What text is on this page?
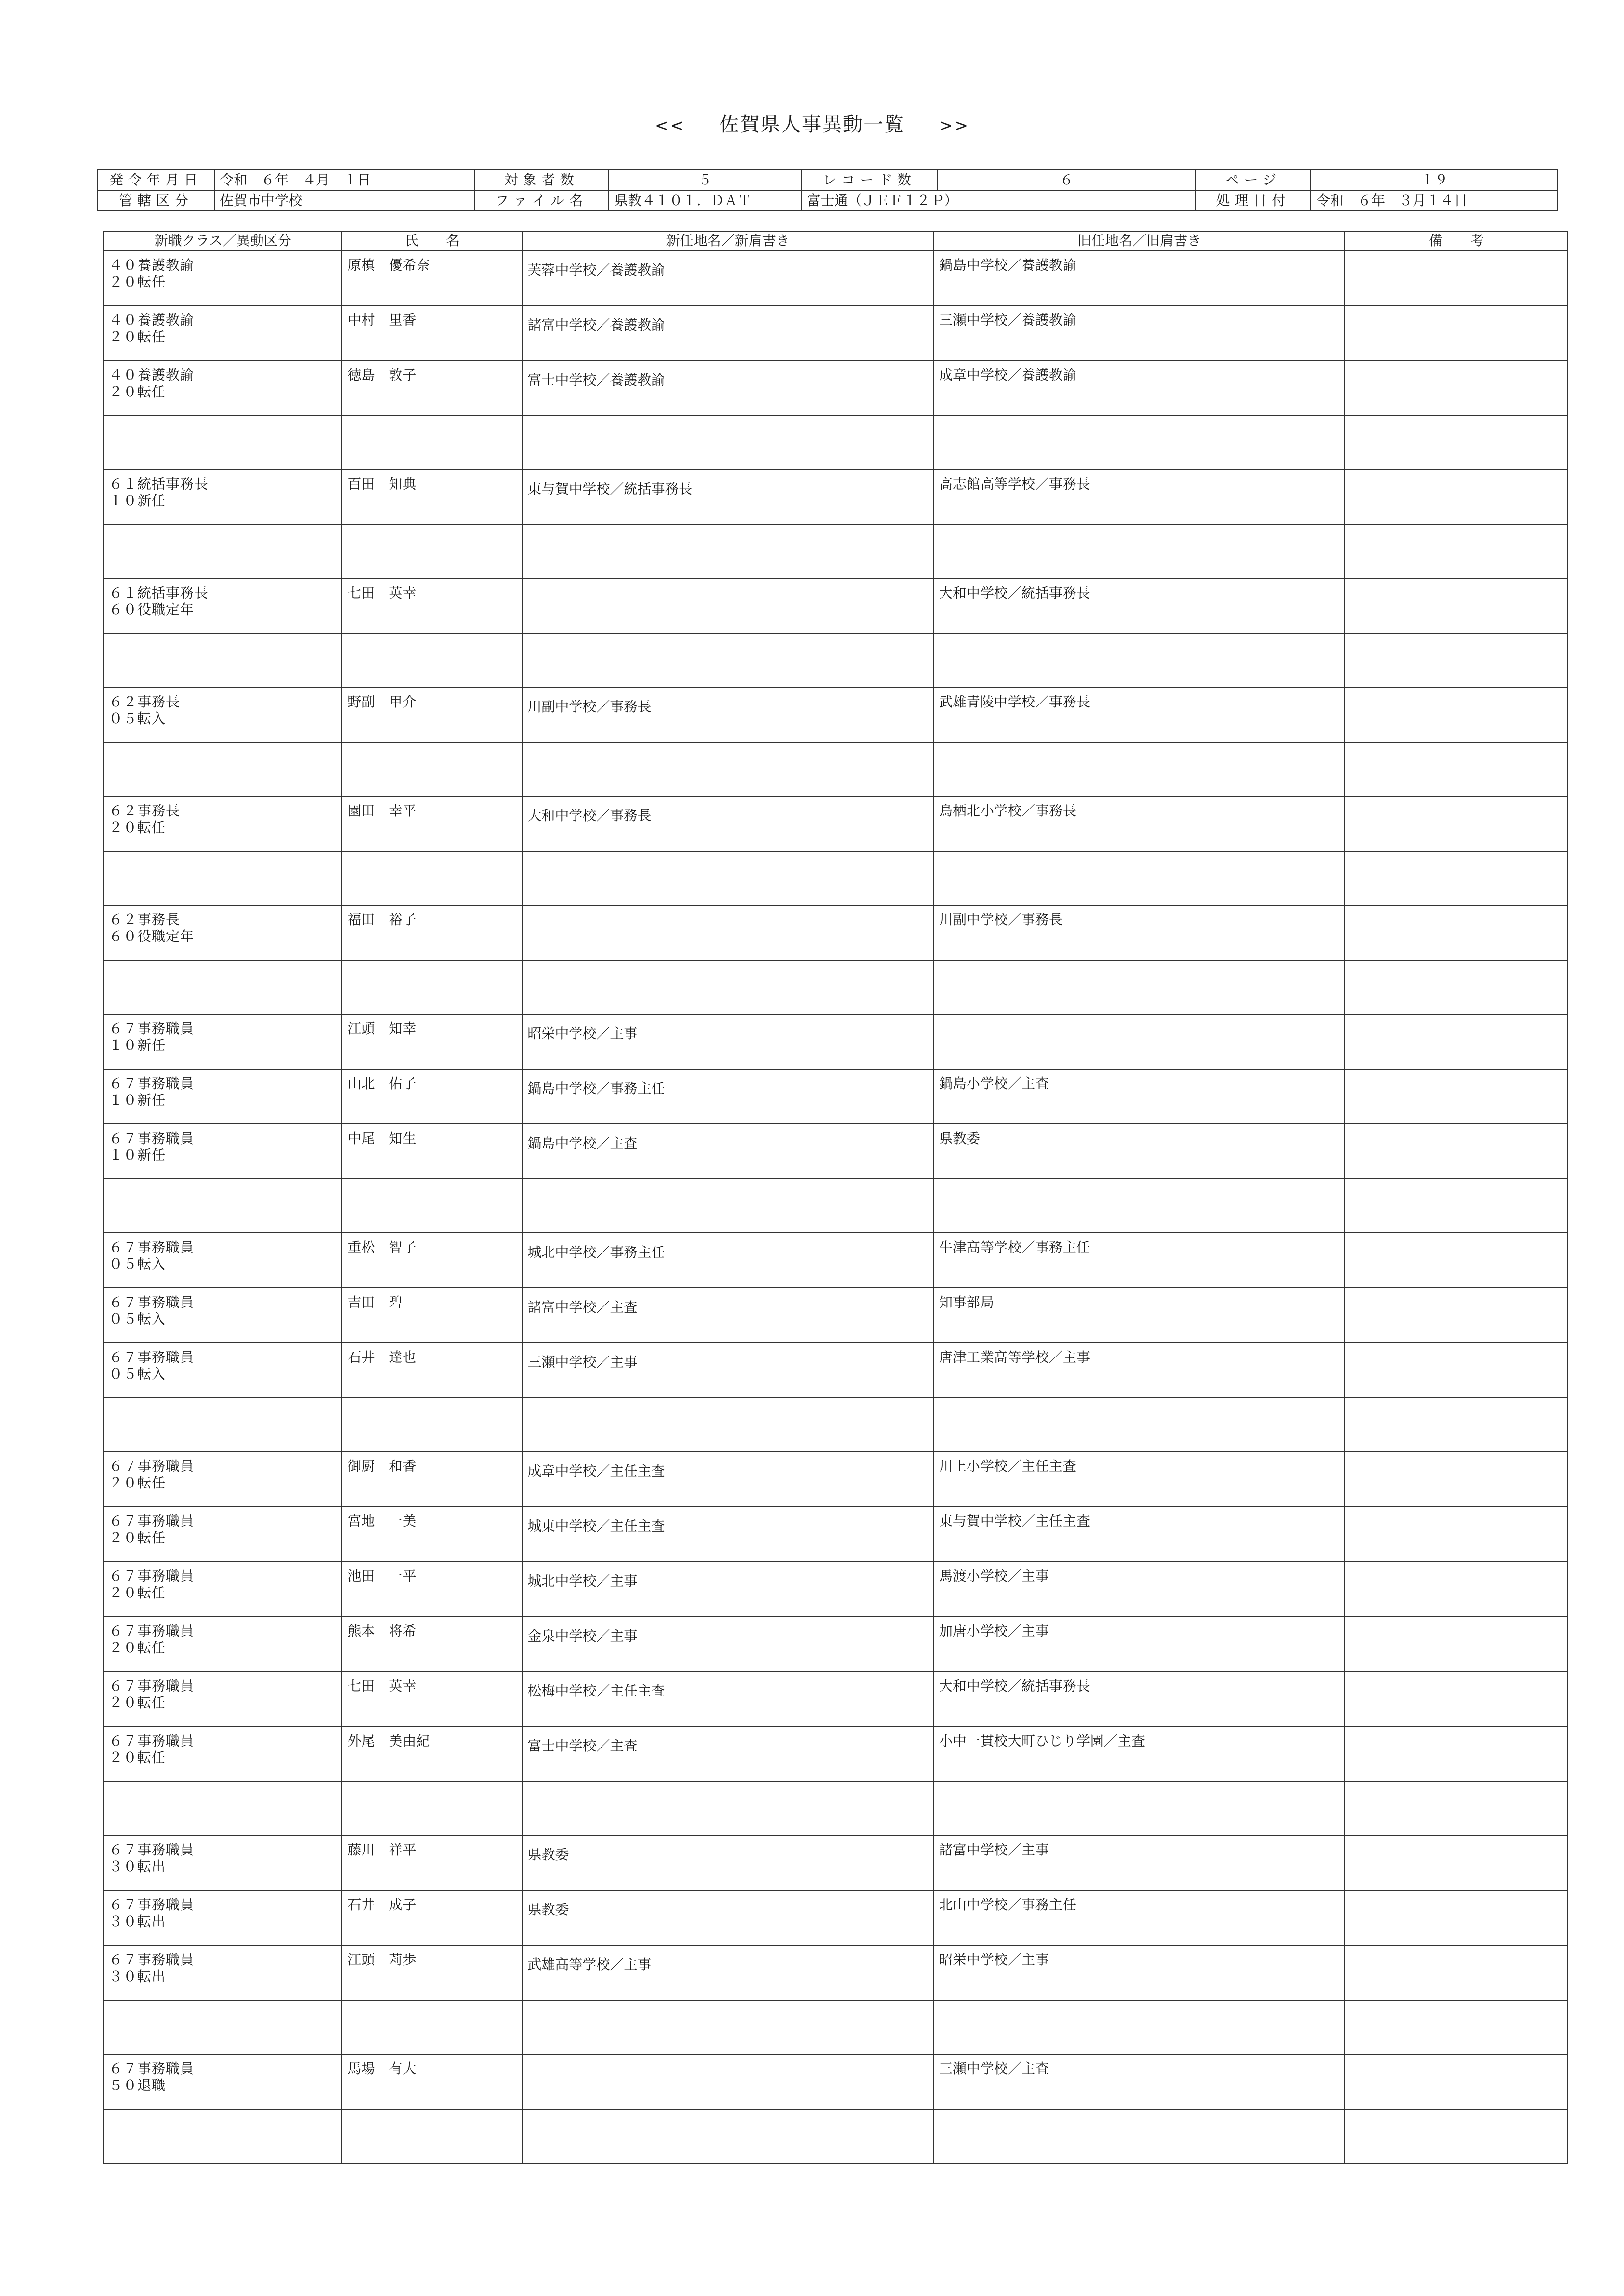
<< 佐賀県人事異動一覧 >>
発令年月日	令和　６年　４月　１日	対象者数	５	レコード数	６	ページ	１９
管轄区分	佐賀市中学校	ファイル名	県教４１０１．ＤＡＴ	富士通（ＪＥＦ１２Ｐ）		処理日付	令和　６年　３月１４日
新職クラス／異動区分	氏　　名	新任地名／新肩書き	旧任地名／旧肩書き	備　　考

４０養護教諭
２０転任	原槙　優希奈	芙蓉中学校／養護教諭	鍋島中学校／養護教諭	

４０養護教諭
２０転任	中村　里香	諸富中学校／養護教諭	三瀬中学校／養護教諭	

４０養護教諭
２０転任	徳島　敦子	富士中学校／養護教諭	成章中学校／養護教諭	

６１統括事務長
１０新任	百田　知典	東与賀中学校／統括事務長	高志館高等学校／事務長	

６１統括事務長
６０役職定年	七田　英幸		大和中学校／統括事務長	

６２事務長
０５転入	野副　甲介	川副中学校／事務長	武雄青陵中学校／事務長	

６２事務長
２０転任	園田　幸平	大和中学校／事務長	鳥栖北小学校／事務長	

６２事務長
６０役職定年	福田　裕子		川副中学校／事務長	

６７事務職員
１０新任	江頭　知幸	昭栄中学校／主事		

６７事務職員
１０新任	山北　佑子	鍋島中学校／事務主任	鍋島小学校／主査	

６７事務職員
１０新任	中尾　知生	鍋島中学校／主査	県教委	

６７事務職員
０５転入	重松　智子	城北中学校／事務主任	牛津高等学校／事務主任	

６７事務職員
０５転入	吉田　碧	諸富中学校／主査	知事部局	

６７事務職員
０５転入	石井　達也	三瀬中学校／主事	唐津工業高等学校／主事	

６７事務職員
２０転任	御厨　和香	成章中学校／主任主査	川上小学校／主任主査	

６７事務職員
２０転任	宮地　一美	城東中学校／主任主査	東与賀中学校／主任主査	

６７事務職員
２０転任	池田　一平	城北中学校／主事	馬渡小学校／主事	

６７事務職員
２０転任	熊本　将希	金泉中学校／主事	加唐小学校／主事	

６７事務職員
２０転任	七田　英幸	松梅中学校／主任主査	大和中学校／統括事務長	

６７事務職員
２０転任	外尾　美由紀	富士中学校／主査	小中一貫校大町ひじり学園／主査	

６７事務職員
３０転出	藤川　祥平	県教委	諸富中学校／主事	

６７事務職員
３０転出	石井　成子	県教委	北山中学校／事務主任	

６７事務職員
３０転出	江頭　莉歩	武雄高等学校／主事	昭栄中学校／主事	

６７事務職員
５０退職	馬場　有大		三瀬中学校／主査	
